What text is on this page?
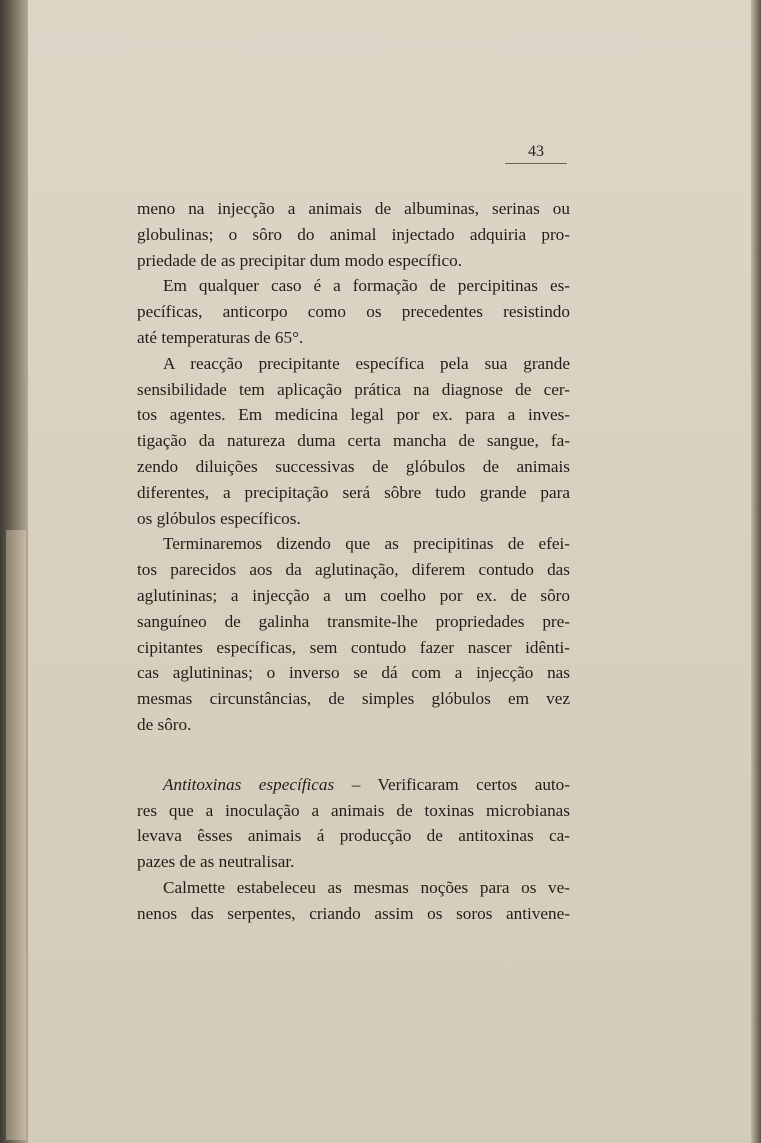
43

meno na injecção a animais de albuminas, serinas ou

globulinas; o sôro do animal injectado adquiria pro-

priedade de as precipitar dum modo específico.

Em qualquer caso é a formação de percipitinas es-

pecíficas, anticorpo como os precedentes resistindo

até temperaturas de 65°.

A reacção precipitante específica pela sua grande

sensibilidade tem aplicação prática na diagnose de cer-

tos agentes. Em medicina legal por ex. para a inves-

tigação da natureza duma certa mancha de sangue, fa-

zendo diluições successivas de glóbulos de animais

diferentes, a precipitação será sôbre tudo grande para

os glóbulos específicos.

Terminaremos dizendo que as precipitinas de efei-

tos parecidos aos da aglutinação, diferem contudo das

aglutininas; a injecção a um coelho por ex. de sôro

sanguíneo de galinha transmite-lhe propriedades pre-

cipitantes específicas, sem contudo fazer nascer idênti-

cas aglutininas; o inverso se dá com a injecção nas

mesmas circunstâncias, de simples glóbulos em vez

de sôro.

Antitoxinas específicas – Verificaram certos auto-

res que a inoculação a animais de toxinas microbianas

levava êsses animais á producção de antitoxinas ca-

pazes de as neutralisar.

Calmette estabeleceu as mesmas noções para os ve-

nenos das serpentes, criando assim os soros antivene-
